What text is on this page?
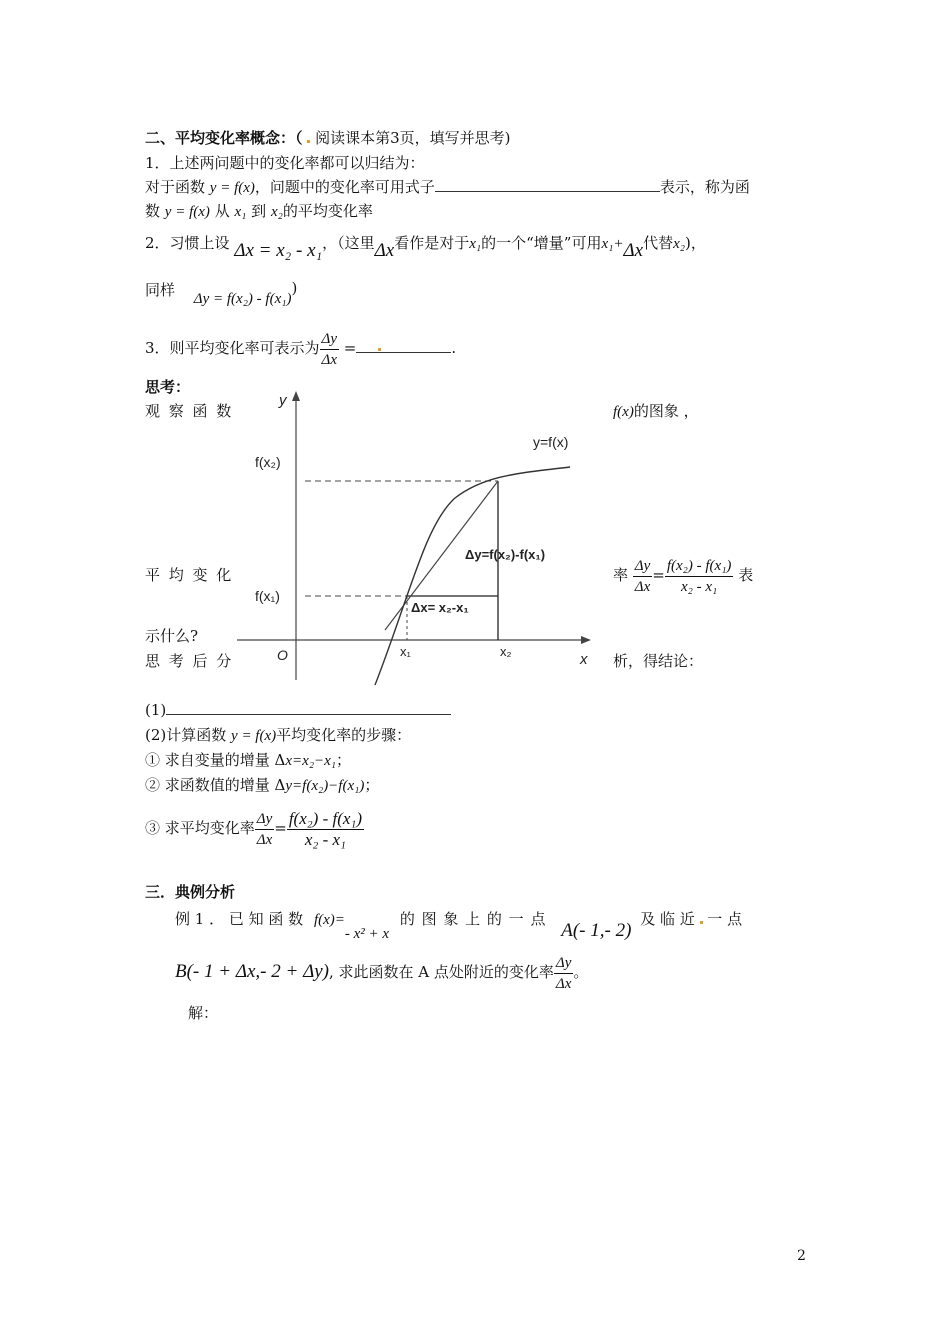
二、平均变化率概念：（ 阅读课本第3页，填写并思考)
1．上述两问题中的变化率都可以归结为：
对于函数 y = f(x)，问题中的变化率可用式子	表示，称为函
数 y = f(x) 从 x₁ 到 x₂的平均变化率
2．习惯上设 Δx = x₂ - x₁，（这里Δx看作是对于x₁的一个“增量”可用x₁+Δx代替x₂)，
同样 Δy = f(x₂) - f(x₁))
3．则平均变化率可表示为 $\frac{\Delta y}{\Delta x}$ =	.
思考：
观 察 函 数	f(x)的图象 ，
平 均 变 化	率 $\frac{\Delta y}{\Delta x} = \frac{\text{f(x₂) - f(x₁)}}{\text{x₂ - x₁}}$ 表
示什么?
思 考 后 分	析，得结论：
y
x
O
y=f(x)
f(x₂)
f(x₁)
Δy=f(x₂)-f(x₁)
Δx= x₂-x₁
x₁	x₂
(1)
(2)计算函数 y = f(x)平均变化率的步骤：
① 求自变量的增量 Δx=x₂−x₁；
② 求函数值的增量 Δy=f(x₂)−f(x₁)；
③ 求平均变化率 $\frac{\Delta y}{\Delta x} = \frac{\text{f(x₂) - f(x₁)}}{\text{x₂ - x₁}}$
三．典例分析
例 1 ． 已 知 函 数 f(x)=- x² + x 的 图 象 上 的 一 点 A(- 1,- 2) 及 临 近 一 点
B(- 1 + Δx,- 2 + Δy), 求此函数在 A 点处附近的变化率 $\frac{\Delta y}{\Delta x}$ 。
解：
2
